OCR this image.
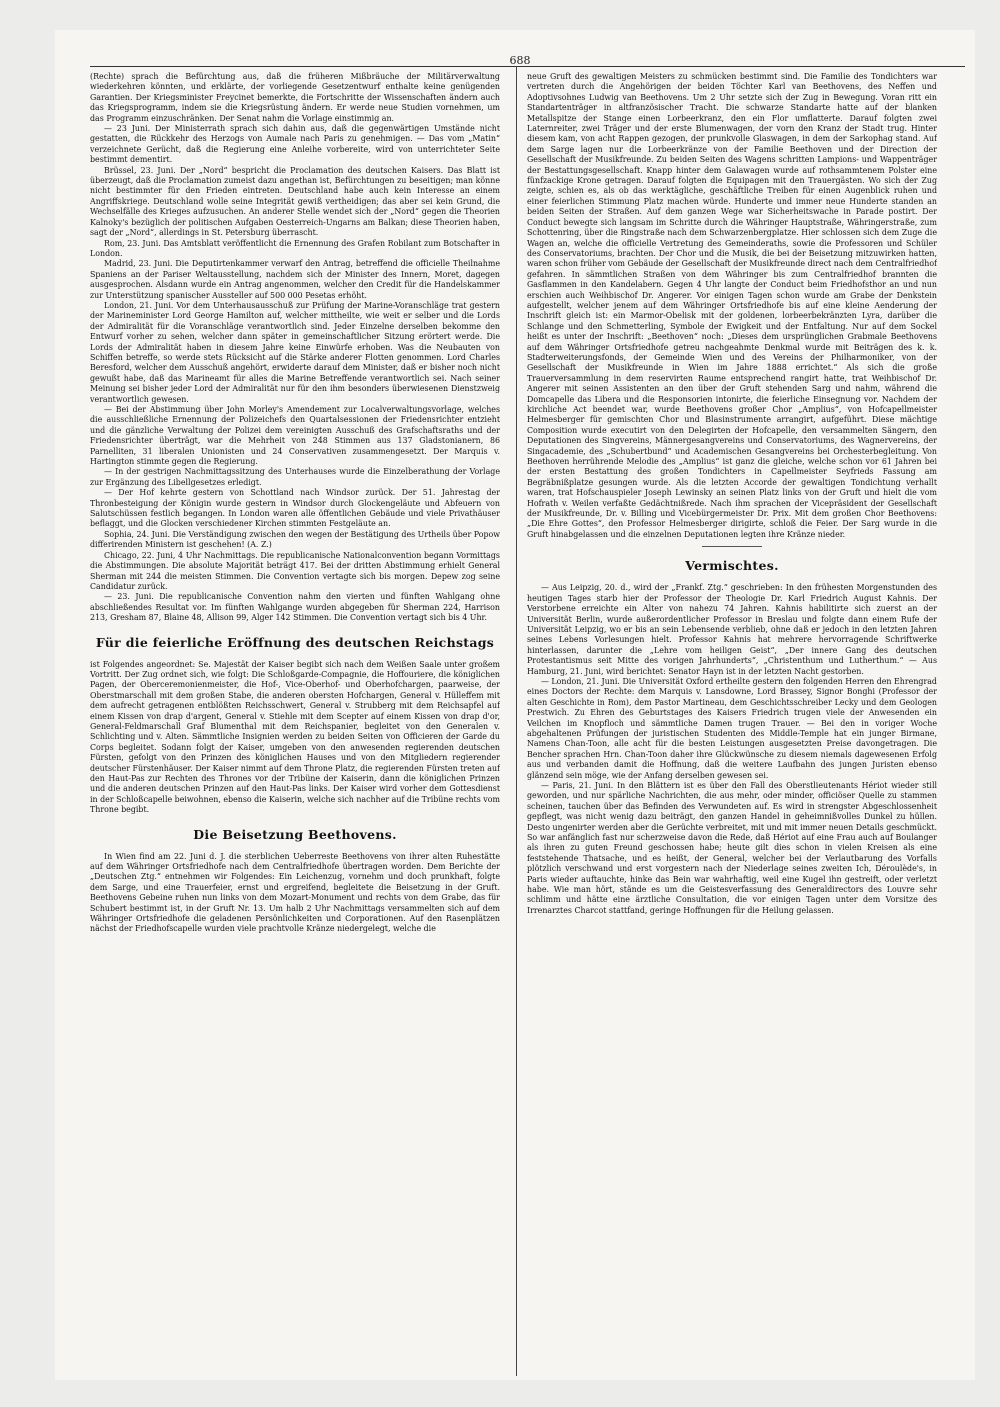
688

(Rechte) sprach die Befürchtung aus, daß die früheren Mißbräuche der Militärverwaltung wiederkehren könnten, und erklärte, der vorliegende Gesetzentwurf enthalte keine genügenden Garantien. Der Kriegsminister Freycinet bemerkte, die Fortschritte der Wissenschaften ändern auch das Kriegsprogramm, indem sie die Kriegsrüstung ändern. Er werde neue Studien vornehmen, um das Programm einzuschränken. Der Senat nahm die Vorlage einstimmig an.

— 23 Juni. Der Ministerrath sprach sich dahin aus, daß die gegenwärtigen Umstände nicht gestatten, die Rückkehr des Herzogs von Aumale nach Paris zu genehmigen. — Das vom „Matin“ verzeichnete Gerücht, daß die Regierung eine Anleihe vorbereite, wird von unterrichteter Seite bestimmt dementirt.

Brüssel, 23. Juni. Der „Nord“ bespricht die Proclamation des deutschen Kaisers. Das Blatt ist überzeugt, daß die Proclamation zumeist dazu angethan ist, Befürchtungen zu beseitigen; man könne nicht bestimmter für den Frieden eintreten. Deutschland habe auch kein Interesse an einem Angriffskriege. Deutschland wolle seine Integrität gewiß vertheidigen; das aber sei kein Grund, die Wechselfälle des Krieges aufzusuchen. An anderer Stelle wendet sich der „Nord“ gegen die Theorien Kalnoky's bezüglich der politischen Aufgaben Oesterreich-Ungarns am Balkan; diese Theorien haben, sagt der „Nord“, allerdings in St. Petersburg überrascht.

Rom, 23. Juni. Das Amtsblatt veröffentlicht die Ernennung des Grafen Robilant zum Botschafter in London.

Madrid, 23. Juni. Die Deputirtenkammer verwarf den Antrag, betreffend die officielle Theilnahme Spaniens an der Pariser Weltausstellung, nachdem sich der Minister des Innern, Moret, dagegen ausgesprochen. Alsdann wurde ein Antrag angenommen, welcher den Credit für die Handelskammer zur Unterstützung spanischer Aussteller auf 500 000 Pesetas erhöht.

London, 21. Juni. Vor dem Unterhausausschuß zur Prüfung der Marine-Voranschläge trat gestern der Marineminister Lord George Hamilton auf, welcher mittheilte, wie weit er selber und die Lords der Admiralität für die Voranschläge verantwortlich sind. Jeder Einzelne derselben bekomme den Entwurf vorher zu sehen, welcher dann später in gemeinschaftlicher Sitzung erörtert werde. Die Lords der Admiralität haben in diesem Jahre keine Einwürfe erhoben. Was die Neubauten von Schiffen betreffe, so werde stets Rücksicht auf die Stärke anderer Flotten genommen. Lord Charles Beresford, welcher dem Ausschuß angehört, erwiderte darauf dem Minister, daß er bisher noch nicht gewußt habe, daß das Marineamt für alles die Marine Betreffende verantwortlich sei. Nach seiner Meinung sei bisher jeder Lord der Admiralität nur für den ihm besonders überwiesenen Dienstzweig verantwortlich gewesen.

— Bei der Abstimmung über John Morley's Amendement zur Localverwaltungsvorlage, welches die ausschließliche Ernennung der Polizeichefs den Quartalsessionen der Friedensrichter entzieht und die gänzliche Verwaltung der Polizei dem vereinigten Ausschuß des Grafschaftsraths und der Friedensrichter überträgt, war die Mehrheit von 248 Stimmen aus 137 Gladstonianern, 86 Parnelliten, 31 liberalen Unionisten und 24 Conservativen zusammengesetzt. Der Marquis v. Hartington stimmte gegen die Regierung.

— In der gestrigen Nachmittagssitzung des Unterhauses wurde die Einzelberathung der Vorlage zur Ergänzung des Libellgesetzes erledigt.

— Der Hof kehrte gestern von Schottland nach Windsor zurück. Der 51. Jahrestag der Thronbesteigung der Königin wurde gestern in Windsor durch Glockengeläute und Abfeuern von Salutschüssen festlich begangen. In London waren alle öffentlichen Gebäude und viele Privathäuser beflaggt, und die Glocken verschiedener Kirchen stimmten Festgeläute an.

Sophia, 24. Juni. Die Verständigung zwischen den wegen der Bestätigung des Urtheils über Popow differirenden Ministern ist geschehen! (A. Z.)

Chicago, 22. Juni, 4 Uhr Nachmittags. Die republicanische Nationalconvention begann Vormittags die Abstimmungen. Die absolute Majorität beträgt 417. Bei der dritten Abstimmung erhielt General Sherman mit 244 die meisten Stimmen. Die Convention vertagte sich bis morgen. Depew zog seine Candidatur zurück.

— 23. Juni. Die republicanische Convention nahm den vierten und fünften Wahlgang ohne abschließendes Resultat vor. Im fünften Wahlgange wurden abgegeben für Sherman 224, Harrison 213, Gresham 87, Blaine 48, Allison 99, Alger 142 Stimmen. Die Convention vertagt sich bis 4 Uhr.

Für die feierliche Eröffnung des deutschen Reichstags

ist Folgendes angeordnet: Se. Majestät der Kaiser begibt sich nach dem Weißen Saale unter großem Vortritt. Der Zug ordnet sich, wie folgt: Die Schloßgarde-Compagnie, die Hoffouriere, die königlichen Pagen, der Oberceremonienmeister, die Hof-, Vice-Oberhof- und Oberhofchargen, paarweise, der Oberstmarschall mit dem großen Stabe, die anderen obersten Hofchargen, General v. Hülleffem mit dem aufrecht getragenen entblößten Reichsschwert, General v. Strubberg mit dem Reichsapfel auf einem Kissen von drap d'argent, General v. Stiehle mit dem Scepter auf einem Kissen von drap d'or, General-Feldmarschall Graf Blumenthal mit dem Reichspanier, begleitet von den Generalen v. Schlichting und v. Alten. Sämmtliche Insignien werden zu beiden Seiten von Officieren der Garde du Corps begleitet. Sodann folgt der Kaiser, umgeben von den anwesenden regierenden deutschen Fürsten, gefolgt von den Prinzen des königlichen Hauses und von den Mitgliedern regierender deutscher Fürstenhäuser. Der Kaiser nimmt auf dem Throne Platz, die regierenden Fürsten treten auf den Haut-Pas zur Rechten des Thrones vor der Tribüne der Kaiserin, dann die königlichen Prinzen und die anderen deutschen Prinzen auf den Haut-Pas links. Der Kaiser wird vorher dem Gottesdienst in der Schloßcapelle beiwohnen, ebenso die Kaiserin, welche sich nachher auf die Tribüne rechts vom Throne begibt.

Die Beisetzung Beethovens.

In Wien find am 22. Juni d. J. die sterblichen Ueberreste Beethovens von ihrer alten Ruhestätte auf dem Währinger Ortsfriedhofe nach dem Centralfriedhofe übertragen worden. Dem Berichte der „Deutschen Ztg.“ entnehmen wir Folgendes: Ein Leichenzug, vornehm und doch prunkhaft, folgte dem Sarge, und eine Trauerfeier, ernst und ergreifend, begleitete die Beisetzung in der Gruft. Beethovens Gebeine ruhen nun links von dem Mozart-Monument und rechts von dem Grabe, das für Schubert bestimmt ist, in der Gruft Nr. 13. Um halb 2 Uhr Nachmittags versammelten sich auf dem Währinger Ortsfriedhofe die geladenen Persönlichkeiten und Corporationen. Auf den Rasenplätzen nächst der Friedhofscapelle wurden viele prachtvolle Kränze niedergelegt, welche die

neue Gruft des gewaltigen Meisters zu schmücken bestimmt sind. Die Familie des Tondichters war vertreten durch die Angehörigen der beiden Töchter Karl van Beethovens, des Neffen und Adoptivsohnes Ludwig van Beethovens. Um 2 Uhr setzte sich der Zug in Bewegung. Voran ritt ein Standartenträger in altfranzösischer Tracht. Die schwarze Standarte hatte auf der blanken Metallspitze der Stange einen Lorbeerkranz, den ein Flor umflatterte. Darauf folgten zwei Laternreiter, zwei Träger und der erste Blumenwagen, der vorn den Kranz der Stadt trug. Hinter diesem kam, von acht Rappen gezogen, der prunkvolle Glaswagen, in dem der Sarkophag stand. Auf dem Sarge lagen nur die Lorbeerkränze von der Familie Beethoven und der Direction der Gesellschaft der Musikfreunde. Zu beiden Seiten des Wagens schritten Lampions- und Wappenträger der Bestattungsgesellschaft. Knapp hinter dem Galawagen wurde auf rothsammtenem Polster eine fünfzackige Krone getragen. Darauf folgten die Equipagen mit den Trauergästen. Wo sich der Zug zeigte, schien es, als ob das werktägliche, geschäftliche Treiben für einen Augenblick ruhen und einer feierlichen Stimmung Platz machen würde. Hunderte und immer neue Hunderte standen an beiden Seiten der Straßen. Auf dem ganzen Wege war Sicherheitswache in Parade postirt. Der Conduct bewegte sich langsam im Schritte durch die Währinger Hauptstraße, Währingerstraße, zum Schottenring, über die Ringstraße nach dem Schwarzenbergplatze. Hier schlossen sich dem Zuge die Wagen an, welche die officielle Vertretung des Gemeinderaths, sowie die Professoren und Schüler des Conservatoriums, brachten. Der Chor und die Musik, die bei der Beisetzung mitzuwirken hatten, waren schon früher vom Gebäude der Gesellschaft der Musikfreunde direct nach dem Centralfriedhof gefahren. In sämmtlichen Straßen von dem Währinger bis zum Centralfriedhof brannten die Gasflammen in den Kandelabern. Gegen 4 Uhr langte der Conduct beim Friedhofsthor an und nun erschien auch Weihbischof Dr. Angerer. Vor einigen Tagen schon wurde am Grabe der Denkstein aufgestellt, welcher jenem auf dem Währinger Ortsfriedhofe bis auf eine kleine Aenderung der Inschrift gleich ist: ein Marmor-Obelisk mit der goldenen, lorbeerbekränzten Lyra, darüber die Schlange und den Schmetterling, Symbole der Ewigkeit und der Entfaltung. Nur auf dem Sockel heißt es unter der Inschrift: „Beethoven“ noch: „Dieses dem ursprünglichen Grabmale Beethovens auf dem Währinger Ortsfriedhofe getreu nachgeahmte Denkmal wurde mit Beiträgen des k. k. Stadterweiterungsfonds, der Gemeinde Wien und des Vereins der Philharmoniker, von der Gesellschaft der Musikfreunde in Wien im Jahre 1888 errichtet.“ Als sich die große Trauerversammlung in dem reservirten Raume entsprechend rangirt hatte, trat Weihbischof Dr. Angerer mit seinen Assistenten an den über der Gruft stehenden Sarg und nahm, während die Domcapelle das Libera und die Responsorien intonirte, die feierliche Einsegnung vor. Nachdem der kirchliche Act beendet war, wurde Beethovens großer Chor „Amplius“, von Hofcapellmeister Helmesberger für gemischten Chor und Blasinstrumente arrangirt, aufgeführt. Diese mächtige Composition wurde executirt von den Delegirten der Hofcapelle, den versammelten Sängern, den Deputationen des Singvereins, Männergesangvereins und Conservatoriums, des Wagnervereins, der Singacademie, des „Schubertbund“ und Academischen Gesangvereins bei Orchesterbegleitung. Von Beethoven herrührende Melodie des „Amplius“ ist ganz die gleiche, welche schon vor 61 Jahren bei der ersten Bestattung des großen Tondichters in Capellmeister Seyfrieds Fassung am Begräbnißplatze gesungen wurde. Als die letzten Accorde der gewaltigen Tondichtung verhallt waren, trat Hofschauspieler Joseph Lewinsky an seinen Platz links von der Gruft und hielt die vom Hofrath v. Weilen verfaßte Gedächtnißrede. Nach ihm sprachen der Vicepräsident der Gesellschaft der Musikfreunde, Dr. v. Billing und Vicebürgermeister Dr. Prix. Mit dem großen Chor Beethovens: „Die Ehre Gottes“, den Professor Helmesberger dirigirte, schloß die Feier. Der Sarg wurde in die Gruft hinabgelassen und die einzelnen Deputationen legten ihre Kränze nieder.

Vermischtes.

— Aus Leipzig, 20. d., wird der „Frankf. Ztg.“ geschrieben: In den frühesten Morgenstunden des heutigen Tages starb hier der Professor der Theologie Dr. Karl Friedrich August Kahnis. Der Verstorbene erreichte ein Alter von nahezu 74 Jahren. Kahnis habilitirte sich zuerst an der Universität Berlin, wurde außerordentlicher Professor in Breslau und folgte dann einem Rufe der Universität Leipzig, wo er bis an sein Lebensende verblieb, ohne daß er jedoch in den letzten Jahren seines Lebens Vorlesungen hielt. Professor Kahnis hat mehrere hervorragende Schriftwerke hinterlassen, darunter die „Lehre vom heiligen Geist“, „Der innere Gang des deutschen Protestantismus seit Mitte des vorigen Jahrhunderts“, „Christenthum und Lutherthum.“ — Aus Hamburg, 21. Juni, wird berichtet: Senator Hayn ist in der letzten Nacht gestorben.

— London, 21. Juni. Die Universität Oxford ertheilte gestern den folgenden Herren den Ehrengrad eines Doctors der Rechte: dem Marquis v. Lansdowne, Lord Brassey, Signor Bonghi (Professor der alten Geschichte in Rom), dem Pastor Martineau, dem Geschichtsschreiber Lecky und dem Geologen Prestwich. Zu Ehren des Geburtstages des Kaisers Friedrich trugen viele der Anwesenden ein Veilchen im Knopfloch und sämmtliche Damen trugen Trauer. — Bei den in voriger Woche abgehaltenen Prüfungen der juristischen Studenten des Middle-Temple hat ein junger Birmane, Namens Chan-Toon, alle acht für die besten Leistungen ausgesetzten Preise davongetragen. Die Bencher sprachen Hrn. Chan-Toon daher ihre Glückwünsche zu diesem niemals dagewesenen Erfolg aus und verbanden damit die Hoffnung, daß die weitere Laufbahn des jungen Juristen ebenso glänzend sein möge, wie der Anfang derselben gewesen sei.

— Paris, 21. Juni. In den Blättern ist es über den Fall des Oberstlieutenants Hériot wieder still geworden, und nur spärliche Nachrichten, die aus mehr, oder minder, officiöser Quelle zu stammen scheinen, tauchen über das Befinden des Verwundeten auf. Es wird in strengster Abgeschlossenheit gepflegt, was nicht wenig dazu beiträgt, den ganzen Handel in geheimnißvolles Dunkel zu hüllen. Desto ungenirter werden aber die Gerüchte verbreitet, mit und mit immer neuen Details geschmückt. So war anfänglich fast nur scherzweise davon die Rede, daß Hériot auf eine Frau auch auf Boulanger als ihren zu guten Freund geschossen habe; heute gilt dies schon in vielen Kreisen als eine feststehende Thatsache, und es heißt, der General, welcher bei der Verlautbarung des Vorfalls plötzlich verschwand und erst vorgestern nach der Niederlage seines zweiten Ich, Déroulède's, in Paris wieder auftauchte, hinke das Bein war wahrhaftig, weil eine Kugel ihn gestreift, oder verletzt habe. Wie man hört, stände es um die Geistesverfassung des Generaldirectors des Louvre sehr schlimm und hätte eine ärztliche Consultation, die vor einigen Tagen unter dem Vorsitze des Irrenarztes Charcot stattfand, geringe Hoffnungen für die Heilung gelassen.
